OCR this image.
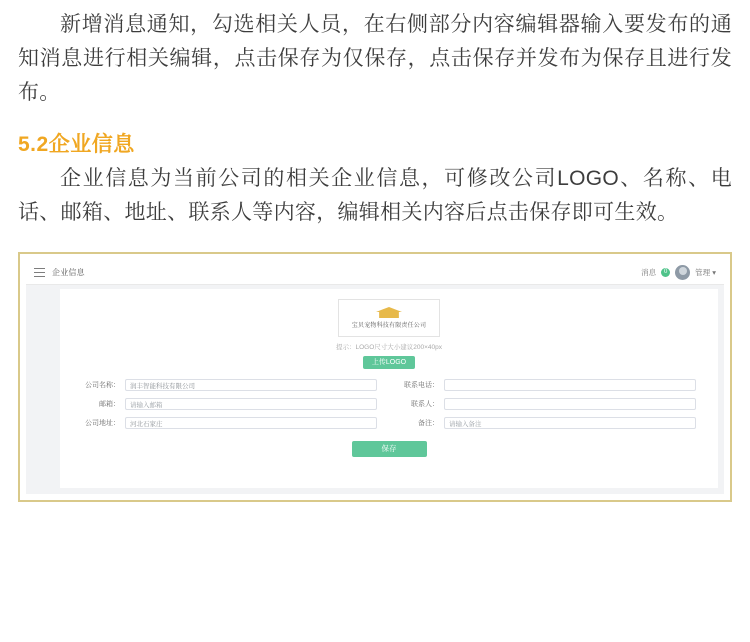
新增消息通知，勾选相关人员，在右侧部分内容编辑器输入要发布的通知消息进行相关编辑，点击保存为仅保存，点击保存并发布为保存且进行发布。

5.2企业信息

企业信息为当前公司的相关企业信息，可修改公司LOGO、名称、电话、邮箱、地址、联系人等内容，编辑相关内容后点击保存即可生效。

企业信息	消息	0	管理 ▾
宝贝宠物科技有限责任公司
提示：LOGO尺寸大小建议200×40px
上传LOGO
公司名称：	润丰智能科技有限公司	联系电话：
邮箱：	请输入邮箱	联系人：
公司地址：	河北石家庄	备注：	请输入备注
保存
